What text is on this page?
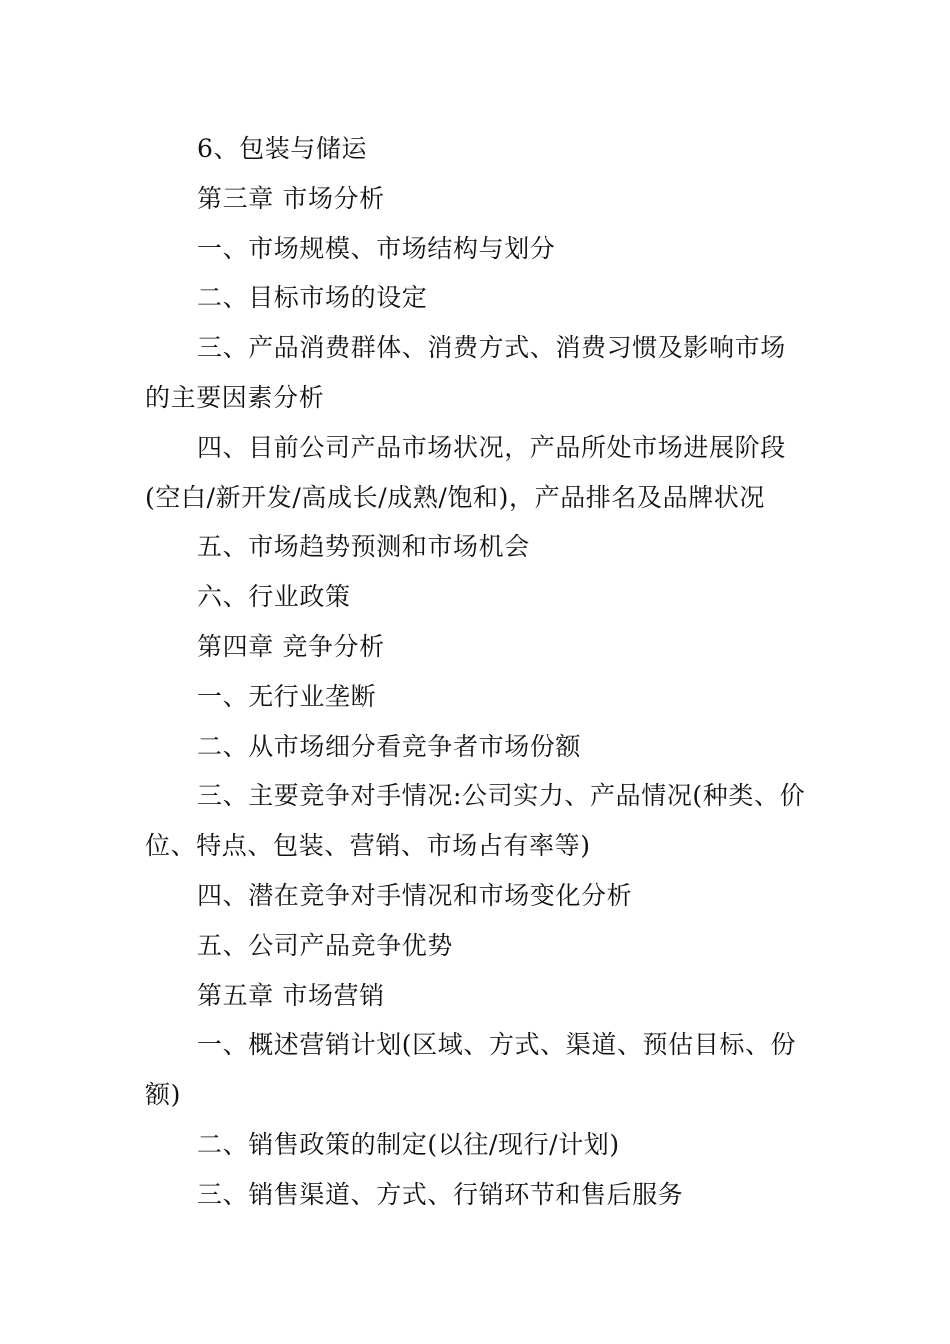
6、包装与储运

第三章 市场分析

一、市场规模、市场结构与划分

二、目标市场的设定

三、产品消费群体、消费方式、消费习惯及影响市场的主要因素分析

四、目前公司产品市场状况，产品所处市场进展阶段(空白/新开发/高成长/成熟/饱和)，产品排名及品牌状况

五、市场趋势预测和市场机会

六、行业政策

第四章 竞争分析

一、无行业垄断

二、从市场细分看竞争者市场份额

三、主要竞争对手情况:公司实力、产品情况(种类、价位、特点、包装、营销、市场占有率等)

四、潜在竞争对手情况和市场变化分析

五、公司产品竞争优势

第五章 市场营销

一、概述营销计划(区域、方式、渠道、预估目标、份额)

二、销售政策的制定(以往/现行/计划)

三、销售渠道、方式、行销环节和售后服务
